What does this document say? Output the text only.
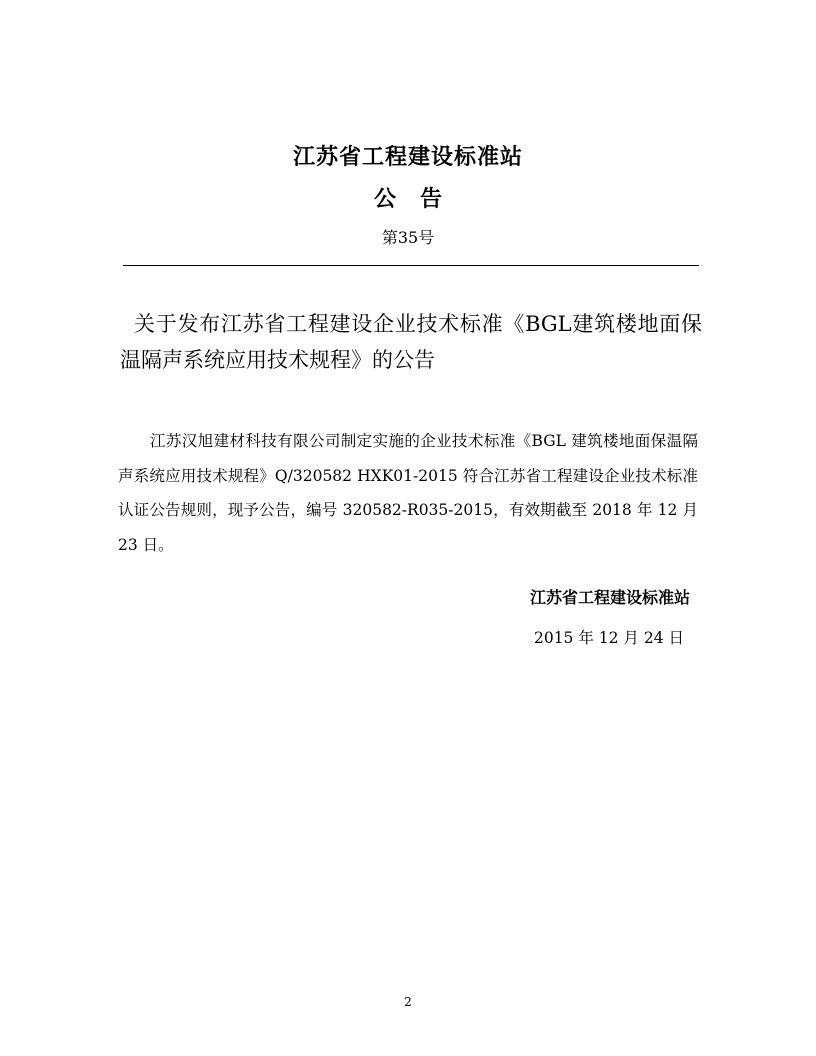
江苏省工程建设标准站
公告
第35号
关于发布江苏省工程建设企业技术标准《BGL建筑楼地面保温隔声系统应用技术规程》的公告
江苏汉旭建材科技有限公司制定实施的企业技术标准《BGL 建筑楼地面保温隔声系统应用技术规程》Q/320582 HXK01-2015 符合江苏省工程建设企业技术标准认证公告规则，现予公告，编号 320582-R035-2015，有效期截至 2018 年 12 月 23 日。
江苏省工程建设标准站
2015 年 12 月 24 日
2
